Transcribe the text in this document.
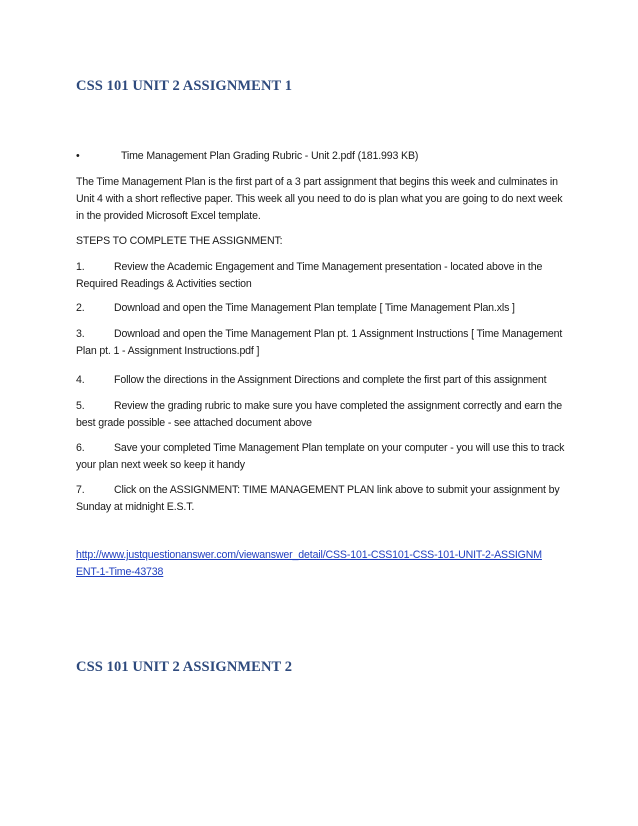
CSS 101 UNIT 2 ASSIGNMENT 1
•	Time Management Plan Grading Rubric - Unit 2.pdf (181.993 KB)
The Time Management Plan is the first part of a 3 part assignment that begins this week and culminates in Unit 4 with a short reflective paper. This week all you need to do is plan what you are going to do next week in the provided Microsoft Excel template.
STEPS TO COMPLETE THE ASSIGNMENT:
1.	Review the Academic Engagement and Time Management presentation - located above in the Required Readings & Activities section
2.	Download and open the Time Management Plan template [ Time Management Plan.xls ]
3.	Download and open the Time Management Plan pt. 1 Assignment Instructions [ Time Management Plan pt. 1 - Assignment Instructions.pdf ]
4.	Follow the directions in the Assignment Directions and complete the first part of this assignment
5.	Review the grading rubric to make sure you have completed the assignment correctly and earn the best grade possible - see attached document above
6.	Save your completed Time Management Plan template on your computer - you will use this to track your plan next week so keep it handy
7.	Click on the ASSIGNMENT: TIME MANAGEMENT PLAN link above to submit your assignment by Sunday at midnight E.S.T.
http://www.justquestionanswer.com/viewanswer_detail/CSS-101-CSS101-CSS-101-UNIT-2-ASSIGNMENT-1-Time-43738
CSS 101 UNIT 2 ASSIGNMENT 2
